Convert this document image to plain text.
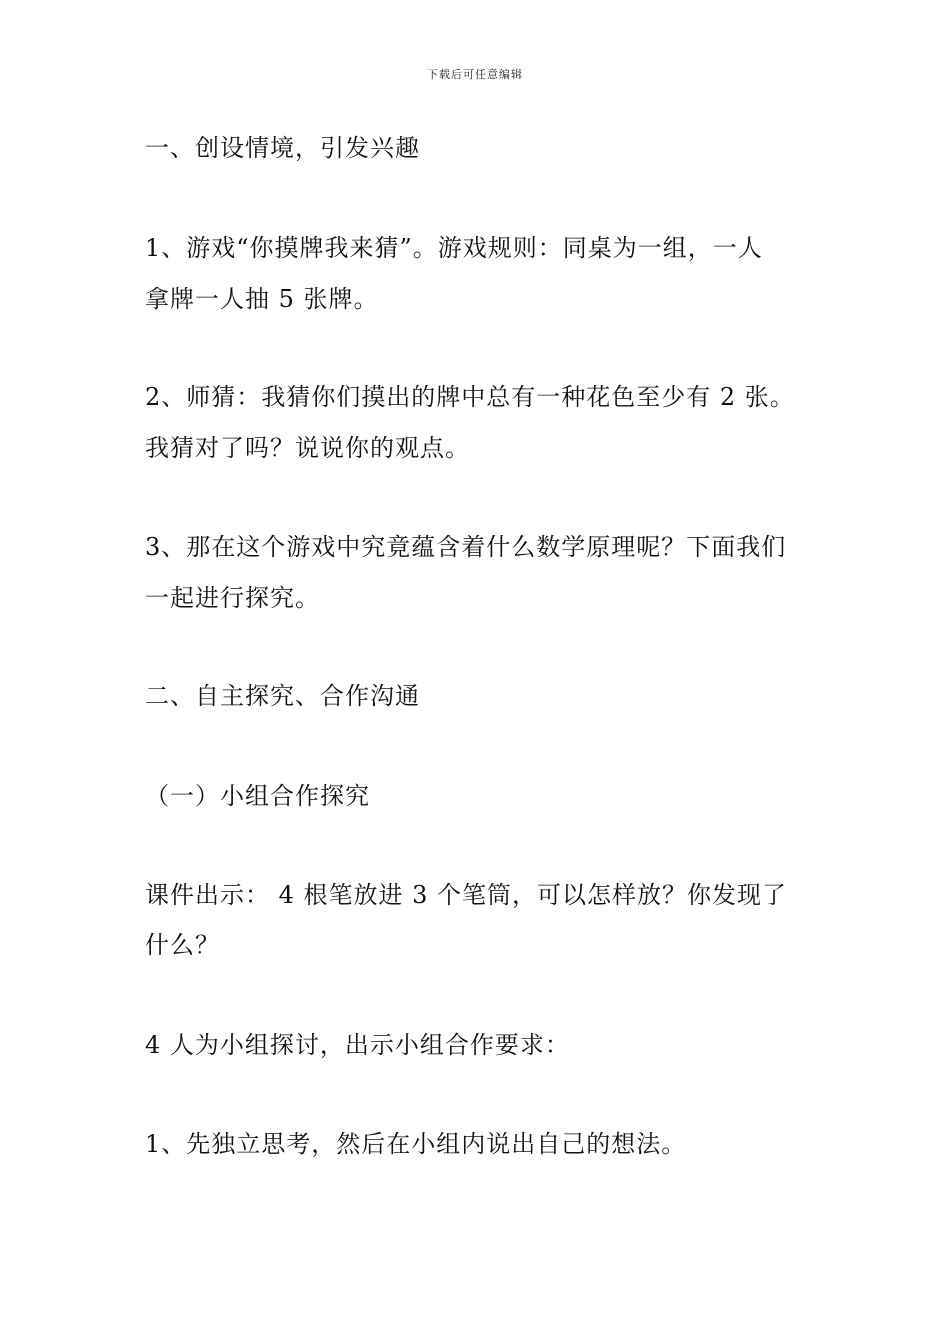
下载后可任意编辑
一、创设情境，引发兴趣
1、游戏“你摸牌我来猜”。游戏规则：同桌为一组，一人
拿牌一人抽 5 张牌。
2、师猜：我猜你们摸出的牌中总有一种花色至少有 2 张。
我猜对了吗？说说你的观点。
3、那在这个游戏中究竟蕴含着什么数学原理呢？下面我们
一起进行探究。
二、自主探究、合作沟通
（一）小组合作探究
课件出示： 4 根笔放进 3 个笔筒，可以怎样放？你发现了
什么？
4 人为小组探讨，出示小组合作要求：
1、先独立思考，然后在小组内说出自己的想法。
